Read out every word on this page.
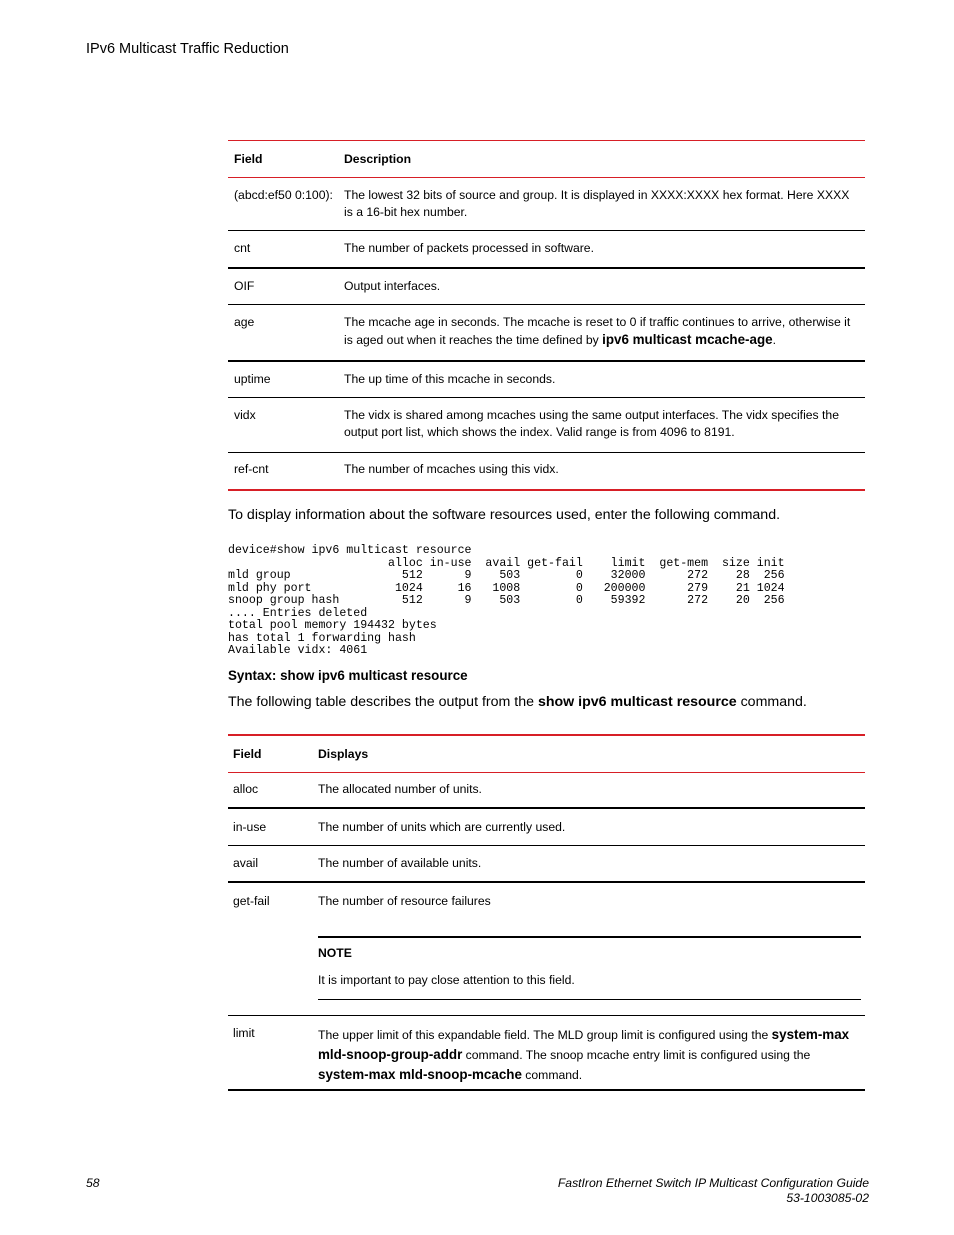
IPv6 Multicast Traffic Reduction
Field	Description
(abcd:ef50 0:100):	The lowest 32 bits of source and group. It is displayed in XXXX:XXXX hex format. Here XXXX is a 16-bit hex number.
cnt	The number of packets processed in software.
OIF	Output interfaces.
age	The mcache age in seconds. The mcache is reset to 0 if traffic continues to arrive, otherwise it is aged out when it reaches the time defined by ipv6 multicast mcache-age.
uptime	The up time of this mcache in seconds.
vidx	The vidx is shared among mcaches using the same output interfaces. The vidx specifies the output port list, which shows the index. Valid range is from 4096 to 8191.
ref-cnt	The number of mcaches using this vidx.
To display information about the software resources used, enter the following command.
device#show ipv6 multicast resource
alloc in-use  avail get-fail    limit  get-mem  size init
mld group                512      9    503        0    32000      272    28  256
mld phy port            1024     16   1008        0   200000      279    21 1024
snoop group hash         512      9    503        0    59392      272    20  256
.... Entries deleted
total pool memory 194432 bytes
has total 1 forwarding hash
Available vidx: 4061
Syntax: show ipv6 multicast resource
The following table describes the output from the show ipv6 multicast resource command.
Field	Displays
alloc	The allocated number of units.
in-use	The number of units which are currently used.
avail	The number of available units.
get-fail	The number of resource failures
NOTE
It is important to pay close attention to this field.

limit	The upper limit of this expandable field. The MLD group limit is configured using the system-max mld-snoop-group-addr command. The snoop mcache entry limit is configured using the system-max mld-snoop-mcache command.
58	FastIron Ethernet Switch IP Multicast Configuration Guide
53-1003085-02
